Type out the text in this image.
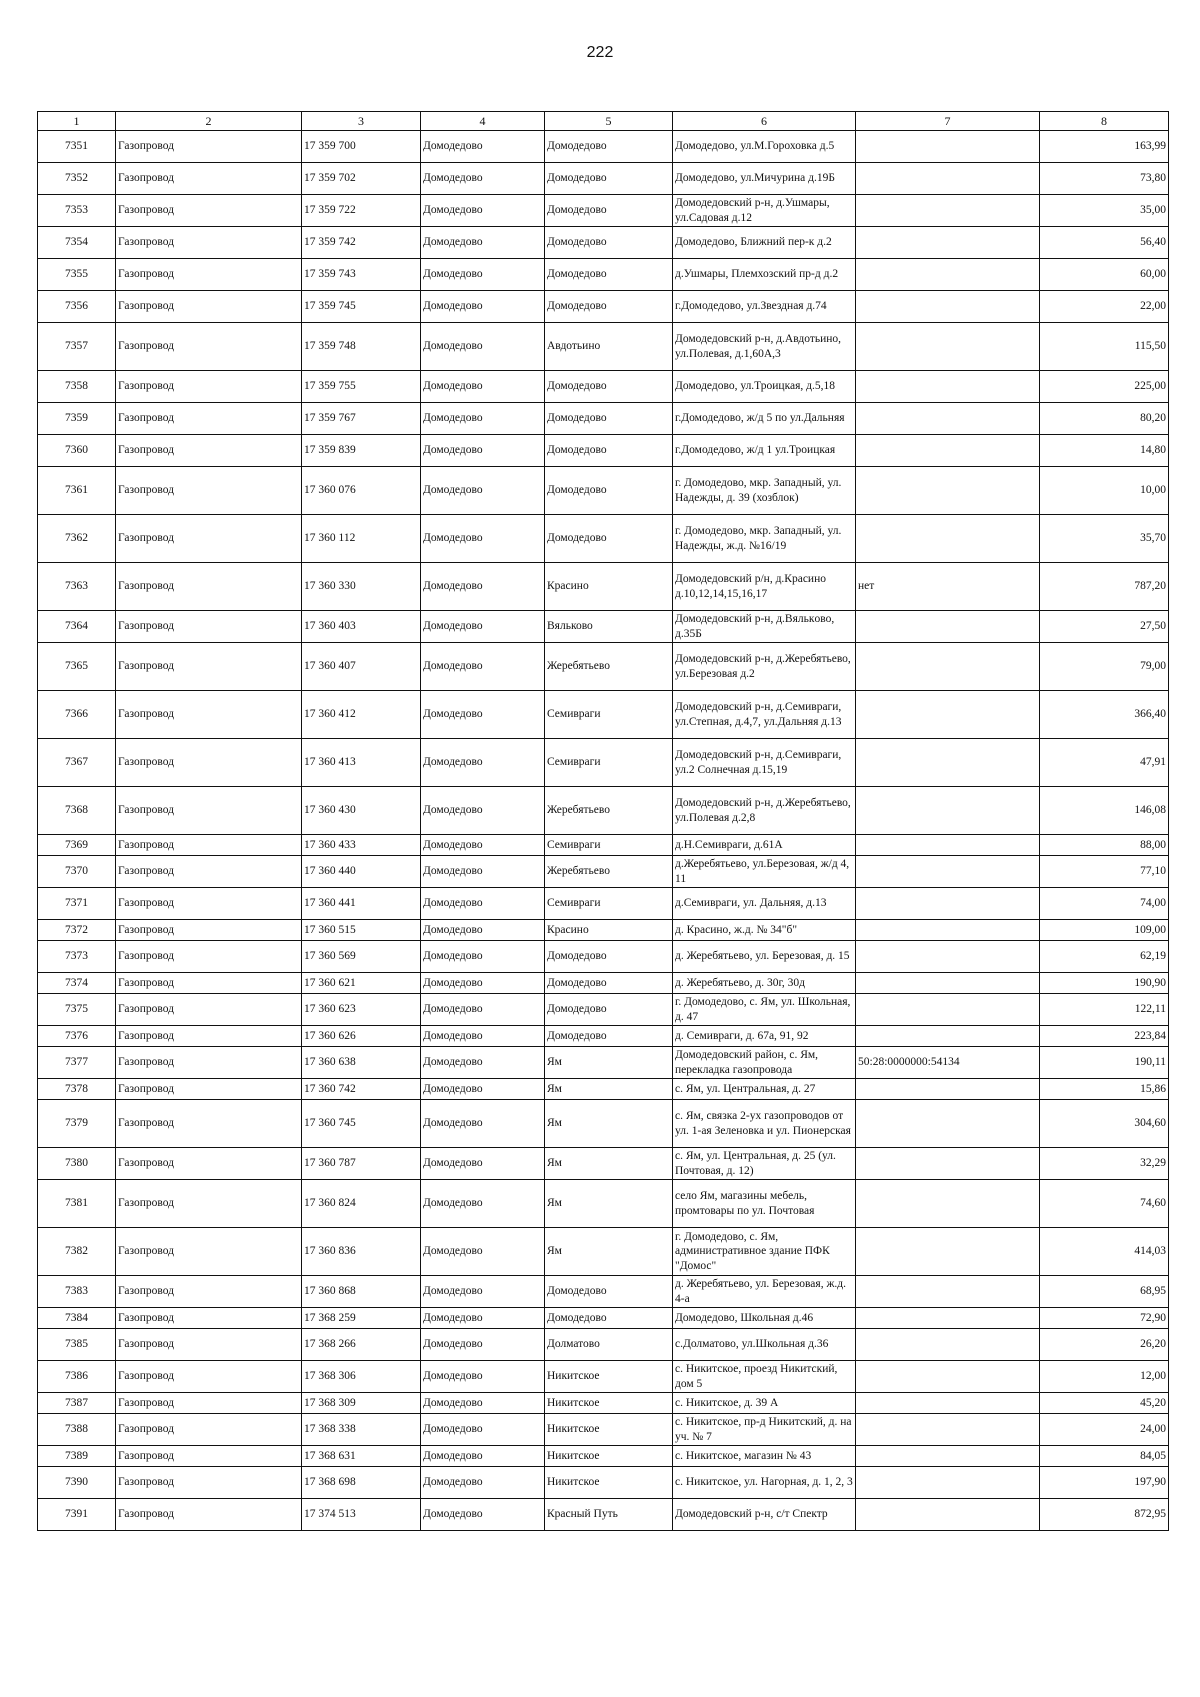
222
1	2	3	4	5	6	7	8
7351	Газопровод	17 359 700	Домодедово	Домодедово	Домодедово, ул.М.Гороховка д.5		163,99
7352	Газопровод	17 359 702	Домодедово	Домодедово	Домодедово, ул.Мичурина д.19Б		73,80
7353	Газопровод	17 359 722	Домодедово	Домодедово	Домодедовский р-н, д.Ушмары, ул.Садовая д.12		35,00
7354	Газопровод	17 359 742	Домодедово	Домодедово	Домодедово, Ближний пер-к д.2		56,40
7355	Газопровод	17 359 743	Домодедово	Домодедово	д.Ушмары, Племхозский пр-д д.2		60,00
7356	Газопровод	17 359 745	Домодедово	Домодедово	г.Домодедово, ул.Звездная д.74		22,00
7357	Газопровод	17 359 748	Домодедово	Авдотьино	Домодедовский р-н, д.Авдотьино, ул.Полевая, д.1,60А,3		115,50
7358	Газопровод	17 359 755	Домодедово	Домодедово	Домодедово, ул.Троицкая, д.5,18		225,00
7359	Газопровод	17 359 767	Домодедово	Домодедово	г.Домодедово, ж/д 5 по ул.Дальняя		80,20
7360	Газопровод	17 359 839	Домодедово	Домодедово	г.Домодедово, ж/д 1 ул.Троицкая		14,80
7361	Газопровод	17 360 076	Домодедово	Домодедово	г. Домодедово, мкр. Западный, ул. Надежды, д. 39 (хозблок)		10,00
7362	Газопровод	17 360 112	Домодедово	Домодедово	г. Домодедово, мкр. Западный, ул. Надежды, ж.д. №16/19		35,70
7363	Газопровод	17 360 330	Домодедово	Красино	Домодедовский р/н, д.Красино д.10,12,14,15,16,17	нет	787,20
7364	Газопровод	17 360 403	Домодедово	Вяльково	Домодедовский р-н, д.Вялькoвo, д.35Б		27,50
7365	Газопровод	17 360 407	Домодедово	Жеребятьево	Домодедовский р-н, д.Жеребятьево, ул.Березовая д.2		79,00
7366	Газопровод	17 360 412	Домодедово	Семивраги	Домодедовский р-н, д.Семивраги, ул.Степная, д.4,7, ул.Дальняя д.13		366,40
7367	Газопровод	17 360 413	Домодедово	Семивраги	Домодедовский р-н, д.Семивраги, ул.2 Солнечная д.15,19		47,91
7368	Газопровод	17 360 430	Домодедово	Жеребятьево	Домодедовский р-н, д.Жеребятьево, ул.Полевая д.2,8		146,08
7369	Газопровод	17 360 433	Домодедово	Семивраги	д.Н.Семивраги, д.61А		88,00
7370	Газопровод	17 360 440	Домодедово	Жеребятьево	д.Жеребятьево, ул.Березовая, ж/д 4, 11		77,10
7371	Газопровод	17 360 441	Домодедово	Семивраги	д.Семивраги, ул. Дальняя, д.13		74,00
7372	Газопровод	17 360 515	Домодедово	Красино	д. Красино, ж.д. № 34"б"		109,00
7373	Газопровод	17 360 569	Домодедово	Домодедово	д. Жеребятьево, ул. Березовая, д. 15		62,19
7374	Газопровод	17 360 621	Домодедово	Домодедово	д. Жеребятьево, д. 30г, 30д		190,90
7375	Газопровод	17 360 623	Домодедово	Домодедово	г. Домодедово, с. Ям, ул. Школьная, д. 47		122,11
7376	Газопровод	17 360 626	Домодедово	Домодедово	д. Семивраги, д. 67а, 91, 92		223,84
7377	Газопровод	17 360 638	Домодедово	Ям	Домодедовский район, с. Ям, перекладка газопровода	50:28:0000000:54134	190,11
7378	Газопровод	17 360 742	Домодедово	Ям	с. Ям, ул. Центральная, д. 27		15,86
7379	Газопровод	17 360 745	Домодедово	Ям	с. Ям, связка 2-ух газопроводов от ул. 1-ая Зеленовка и ул. Пионерская		304,60
7380	Газопровод	17 360 787	Домодедово	Ям	с. Ям, ул. Центральная, д. 25 (ул. Почтовая, д. 12)		32,29
7381	Газопровод	17 360 824	Домодедово	Ям	село Ям, магазины мебель, промтовары по ул. Почтовая		74,60
7382	Газопровод	17 360 836	Домодедово	Ям	г. Домодедово, с. Ям, административное здание ПФК "Домос"		414,03
7383	Газопровод	17 360 868	Домодедово	Домодедово	д. Жеребятьево, ул. Березовая, ж.д. 4-а		68,95
7384	Газопровод	17 368 259	Домодедово	Домодедово	Домодедово, Школьная д.46		72,90
7385	Газопровод	17 368 266	Домодедово	Долматово	с.Долматово, ул.Школьная д.36		26,20
7386	Газопровод	17 368 306	Домодедово	Никитское	с. Никитское, проезд Никитский, дом 5		12,00
7387	Газопровод	17 368 309	Домодедово	Никитское	с. Никитское, д. 39 А		45,20
7388	Газопровод	17 368 338	Домодедово	Никитское	с. Никитское, пр-д Никитский, д. на уч. № 7		24,00
7389	Газопровод	17 368 631	Домодедово	Никитское	с. Никитское, магазин № 43		84,05
7390	Газопровод	17 368 698	Домодедово	Никитское	с. Никитское, ул. Нагорная, д. 1, 2, 3		197,90
7391	Газопровод	17 374 513	Домодедово	Красный Путь	Домодедовский р-н, с/т Спектр		872,95
